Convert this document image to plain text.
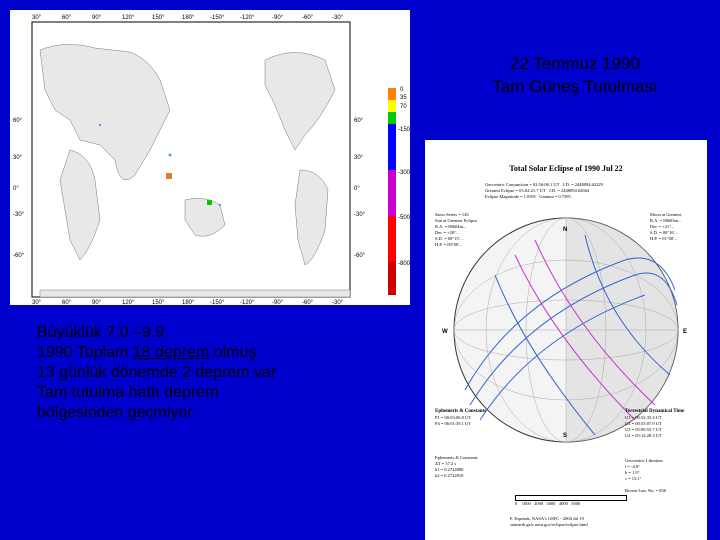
30°	60°	90°	120°	150°	180°	-150°	-120°	-90°	-60°	-30°
30°	60°	90°	120°	150°	180°	-150°	-120°	-90°	-60°	-30°
60°
30°
0°
-30°
-60°
60°
30°
0°
-30°
-60°
0
35
70
-150
-300
-500
-800
22 Temmuz 1990
Tam Güneş Tutulması
Total Solar Eclipse of 1990 Jul 22
Geocentric Conjunction = 02:56:06.1 UT   J.D. = 2448094.62229
Greatest Eclipse = 03:02:21.7 UT   J.D. = 2448094.62664
Eclipse Magnitude = 1.0391   Gamma = 0.7595
Saros Series = 126
Sun at Greatest Eclipse
R.A. = 08h04m...
Dec = +20°...
S.D. = 00°15'...
H.P. = 00°00'...
Moon at Greatest
R.A. = 08h03m...
Dec = +21°...
S.D. = 00°16'...
H.P. = 01°00'...
N
S
W	E
Ephemeris & Constants
P1 = 00:03:06.0 UT
P4 = 06:01:39.1 UT
Terrestrial Dynamical Time
U1 = 00:52:35.4 UT
U2 = 00:55:07.9 UT
U3 = 05:09:55.7 UT
U4 = 05:12:28.3 UT
Ephemeris & Constants
ΔT = 57.2 s
k1 = 0.2724880
k2 = 0.2722810
Geocentric Libration
l = -4.0°
b = 1.9°
c = 13.1°

Brown Lun. No. = 836
0    1000   2000   3000   4000   5000
F. Espenak, NASA's GSFC - 2004 Jul 19
sunearth.gsfc.nasa.gov/eclipse/eclipse.html
Büyüklük 7.0 –9.9
1990 Toplam 18 deprem olmuş
13 günlük dönemde 2 deprem var
Tam tutulma hattı deprem
bölgesinden geçmiyor
